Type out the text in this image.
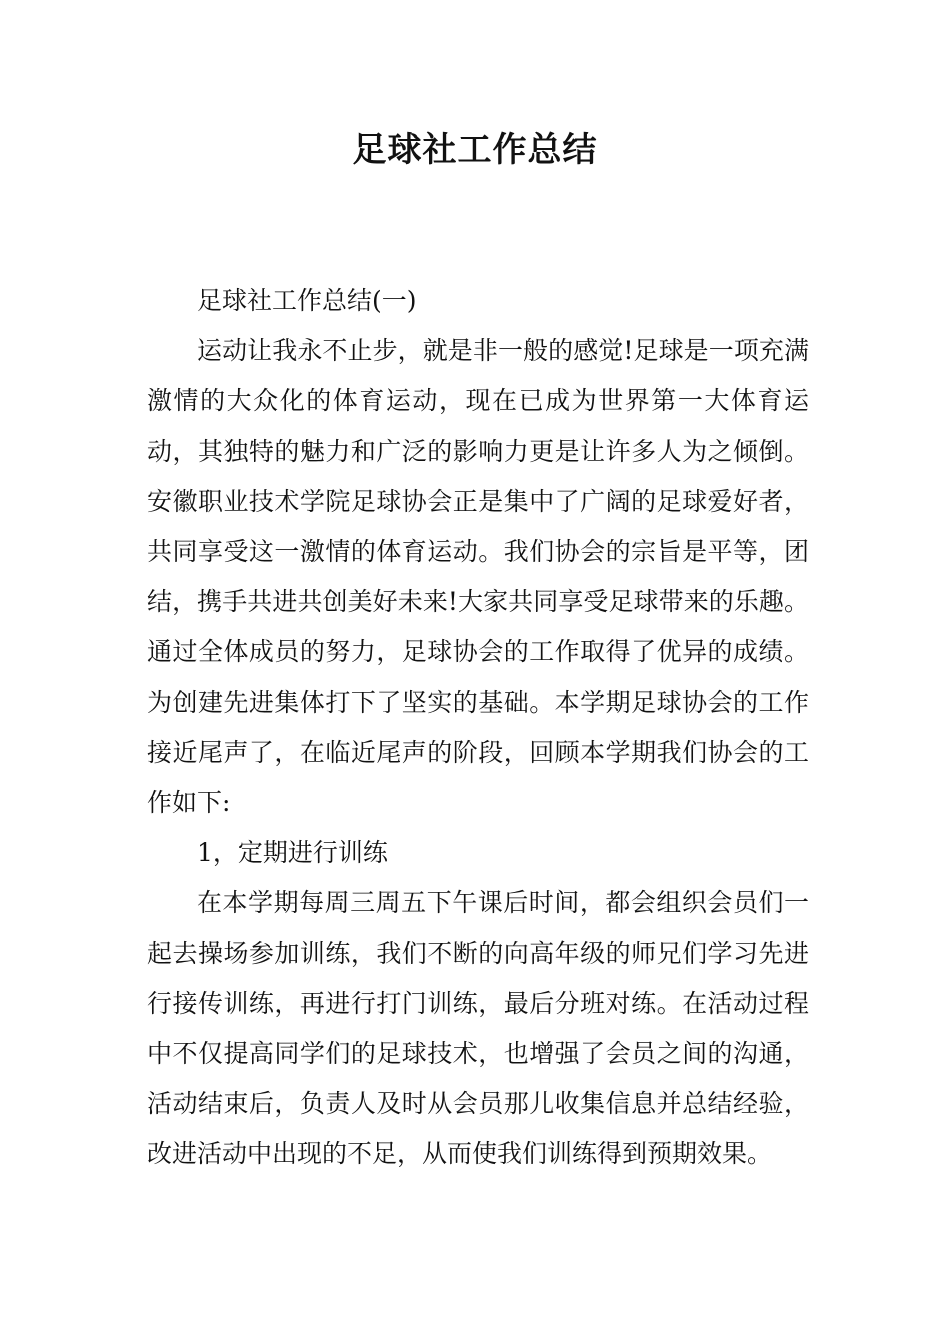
足球社工作总结

足球社工作总结(一)

运动让我永不止步，就是非一般的感觉!足球是一项充满激情的大众化的体育运动，现在已成为世界第一大体育运动，其独特的魅力和广泛的影响力更是让许多人为之倾倒。安徽职业技术学院足球协会正是集中了广阔的足球爱好者，共同享受这一激情的体育运动。我们协会的宗旨是平等，团结，携手共进共创美好未来!大家共同享受足球带来的乐趣。通过全体成员的努力，足球协会的工作取得了优异的成绩。为创建先进集体打下了坚实的基础。本学期足球协会的工作接近尾声了，在临近尾声的阶段，回顾本学期我们协会的工作如下:

1，定期进行训练

在本学期每周三周五下午课后时间，都会组织会员们一起去操场参加训练，我们不断的向高年级的师兄们学习先进行接传训练，再进行打门训练，最后分班对练。在活动过程中不仅提高同学们的足球技术，也增强了会员之间的沟通，活动结束后，负责人及时从会员那儿收集信息并总结经验，改进活动中出现的不足，从而使我们训练得到预期效果。
